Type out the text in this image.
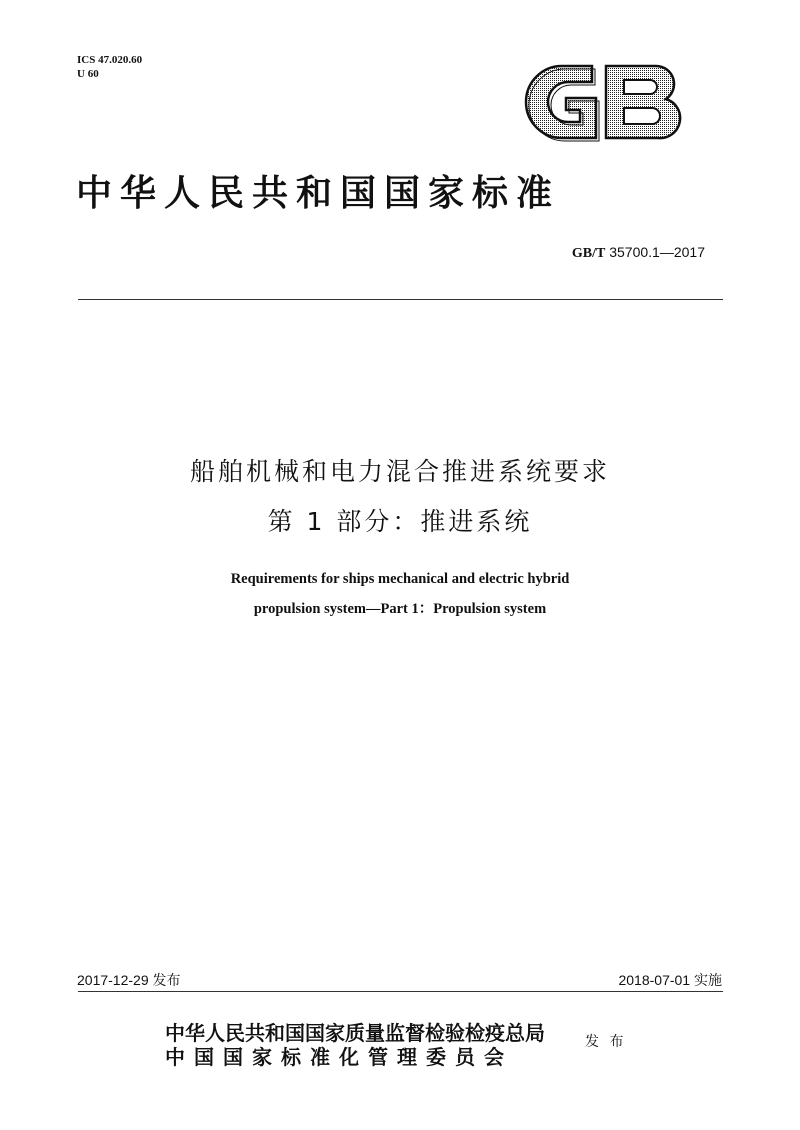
ICS 47.020.60
U 60
GB
中华人民共和国国家标准
GB/T 35700.1—2017
船舶机械和电力混合推进系统要求
第 1 部分：推进系统
Requirements for ships mechanical and electric hybrid
propulsion system—Part 1：Propulsion system
2017-12-29 发布	2018-07-01 实施
中华人民共和国国家质量监督检验检疫总局
中国国家标准化管理委员会
发 布
